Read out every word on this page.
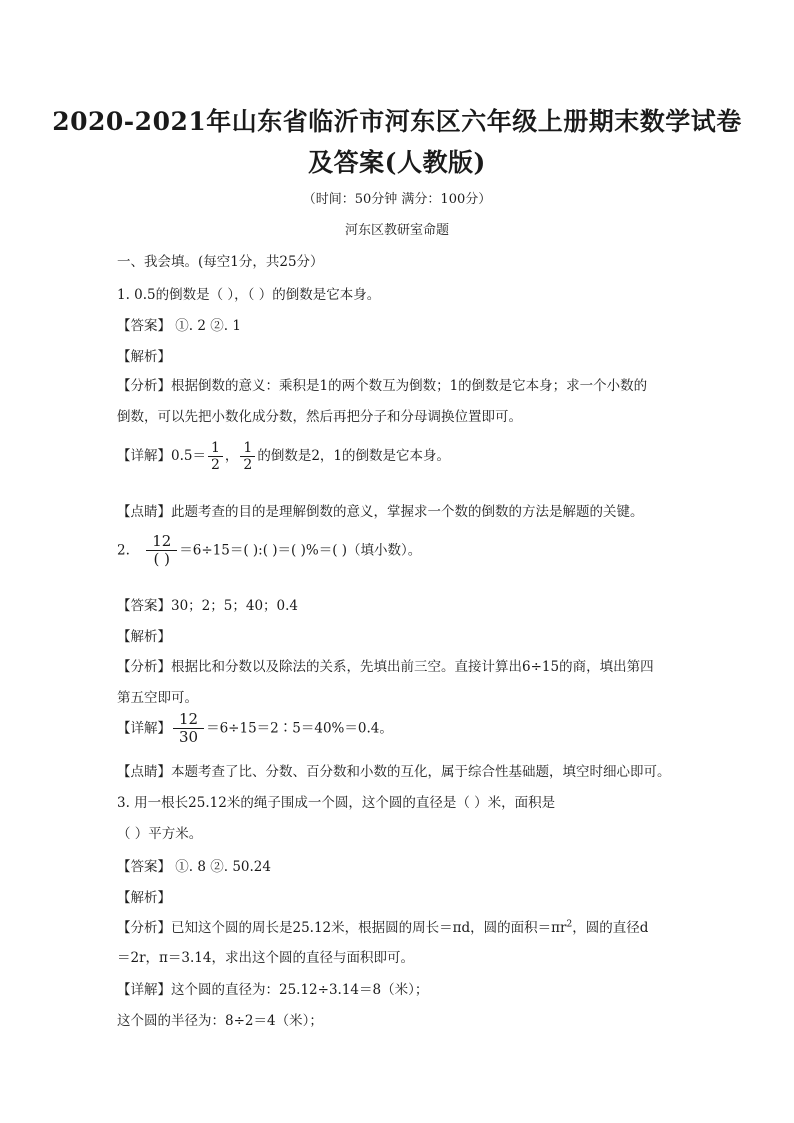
2020-2021年山东省临沂市河东区六年级上册期末数学试卷
及答案(人教版)
（时间：50分钟 满分：100分）
河东区教研室命题
一、我会填。(每空1分，共25分）
1. 0.5的倒数是（ ），（ ）的倒数是它本身。
【答案】 ①. 2 ②. 1
【解析】
【分析】根据倒数的意义：乘积是1的两个数互为倒数；1的倒数是它本身；求一个小数的
倒数，可以先把小数化成分数，然后再把分子和分母调换位置即可。
【详解】$0.5= \frac{1}{2}$ ， $\frac{1}{2}$ 的倒数是2，1的倒数是它本身。
【点睛】此题考查的目的是理解倒数的意义，掌握求一个数的倒数的方法是解题的关键。
2. $\frac{12}{( )} =6\div 15=$( ):( )＝( )%＝( )（填小数）。
【答案】30；2；5；40；0.4
【解析】
【分析】根据比和分数以及除法的关系，先填出前三空。直接计算出6÷15的商，填出第四
第五空即可。
【详解】 $\frac{12}{30}$ ＝6÷15＝2∶5＝40%＝0.4。
【点睛】本题考查了比、分数、百分数和小数的互化，属于综合性基础题，填空时细心即可。
3. 用一根长25.12米的绳子围成一个圆，这个圆的直径是（ ）米，面积是
（ ）平方米。
【答案】 ①. 8 ②. 50.24
【解析】
【分析】已知这个圆的周长是25.12米，根据圆的周长＝πd，圆的面积$=\pi r^2$，圆的直径d
＝2r，π＝3.14，求出这个圆的直径与面积即可。
【详解】这个圆的直径为：25.12÷3.14＝8（米）；
这个圆的半径为：8÷2＝4（米）；
